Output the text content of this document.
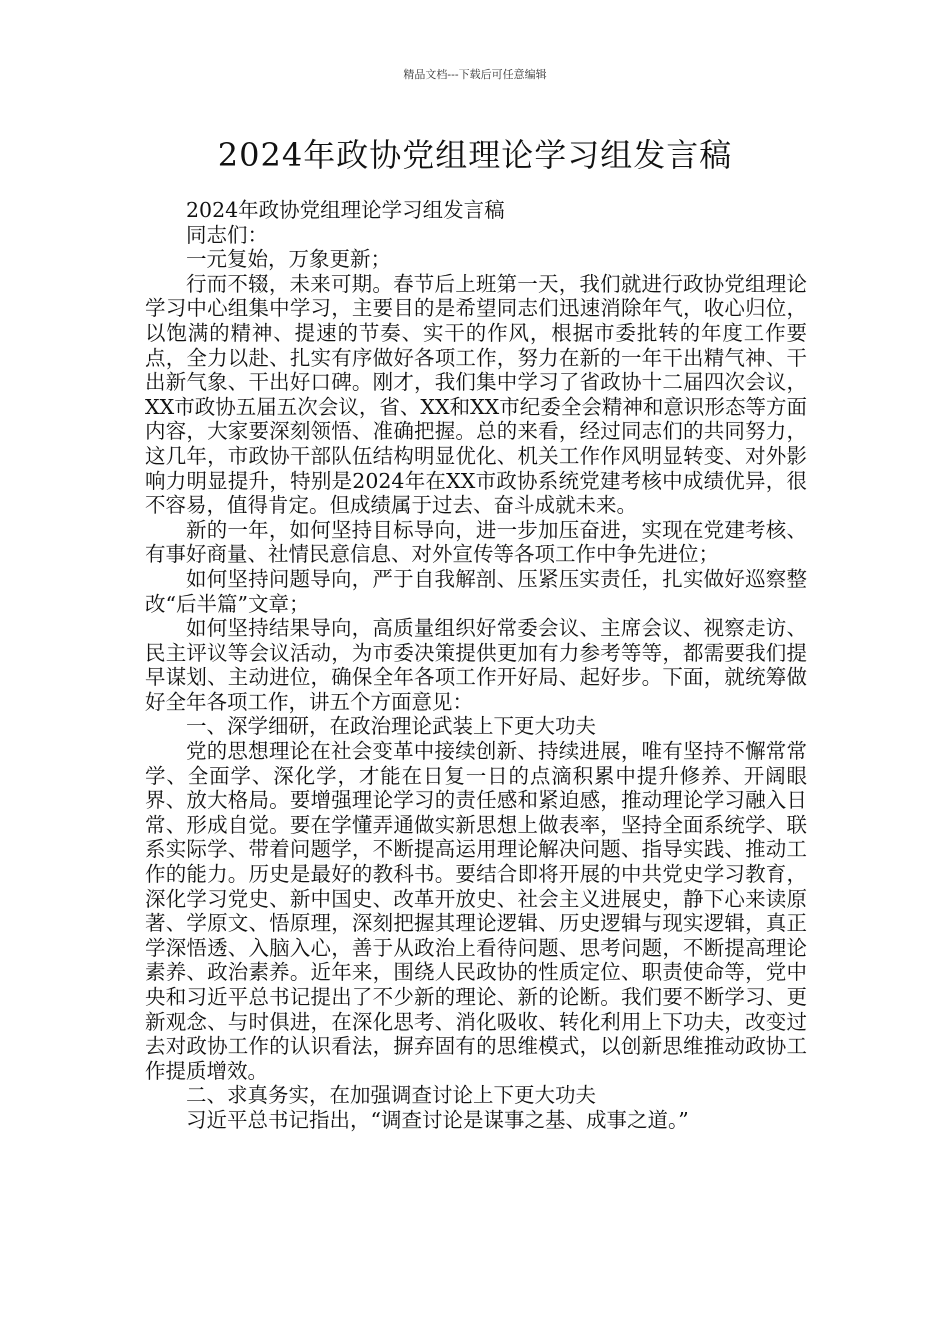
精品文档---下载后可任意编辑
2024年政协党组理论学习组发言稿

2024年政协党组理论学习组发言稿

同志们：

一元复始，万象更新；

行而不辍，未来可期。春节后上班第一天，我们就进行政协党组理论学习中心组集中学习，主要目的是希望同志们迅速消除年气，收心归位，以饱满的精神、提速的节奏、实干的作风，根据市委批转的年度工作要点，全力以赴、扎实有序做好各项工作，努力在新的一年干出精气神、干出新气象、干出好口碑。刚才，我们集中学习了省政协十二届四次会议，XX市政协五届五次会议，省、XX和XX市纪委全会精神和意识形态等方面内容，大家要深刻领悟、准确把握。总的来看，经过同志们的共同努力，这几年，市政协干部队伍结构明显优化、机关工作作风明显转变、对外影响力明显提升，特别是2024年在XX市政协系统党建考核中成绩优异，很不容易，值得肯定。但成绩属于过去、奋斗成就未来。

新的一年，如何坚持目标导向，进一步加压奋进，实现在党建考核、有事好商量、社情民意信息、对外宣传等各项工作中争先进位；

如何坚持问题导向，严于自我解剖、压紧压实责任，扎实做好巡察整改“后半篇”文章；

如何坚持结果导向，高质量组织好常委会议、主席会议、视察走访、民主评议等会议活动，为市委决策提供更加有力参考等等，都需要我们提早谋划、主动进位，确保全年各项工作开好局、起好步。下面，就统筹做好全年各项工作，讲五个方面意见：

一、深学细研，在政治理论武装上下更大功夫

党的思想理论在社会变革中接续创新、持续进展，唯有坚持不懈常常学、全面学、深化学，才能在日复一日的点滴积累中提升修养、开阔眼界、放大格局。要增强理论学习的责任感和紧迫感，推动理论学习融入日常、形成自觉。要在学懂弄通做实新思想上做表率，坚持全面系统学、联系实际学、带着问题学，不断提高运用理论解决问题、指导实践、推动工作的能力。历史是最好的教科书。要结合即将开展的中共党史学习教育，深化学习党史、新中国史、改革开放史、社会主义进展史，静下心来读原著、学原文、悟原理，深刻把握其理论逻辑、历史逻辑与现实逻辑，真正学深悟透、入脑入心，善于从政治上看待问题、思考问题，不断提高理论素养、政治素养。近年来，围绕人民政协的性质定位、职责使命等，党中央和习近平总书记提出了不少新的理论、新的论断。我们要不断学习、更新观念、与时俱进，在深化思考、消化吸收、转化利用上下功夫，改变过去对政协工作的认识看法，摒弃固有的思维模式，以创新思维推动政协工作提质增效。

二、求真务实，在加强调查讨论上下更大功夫

习近平总书记指出，“调查讨论是谋事之基、成事之道。”
